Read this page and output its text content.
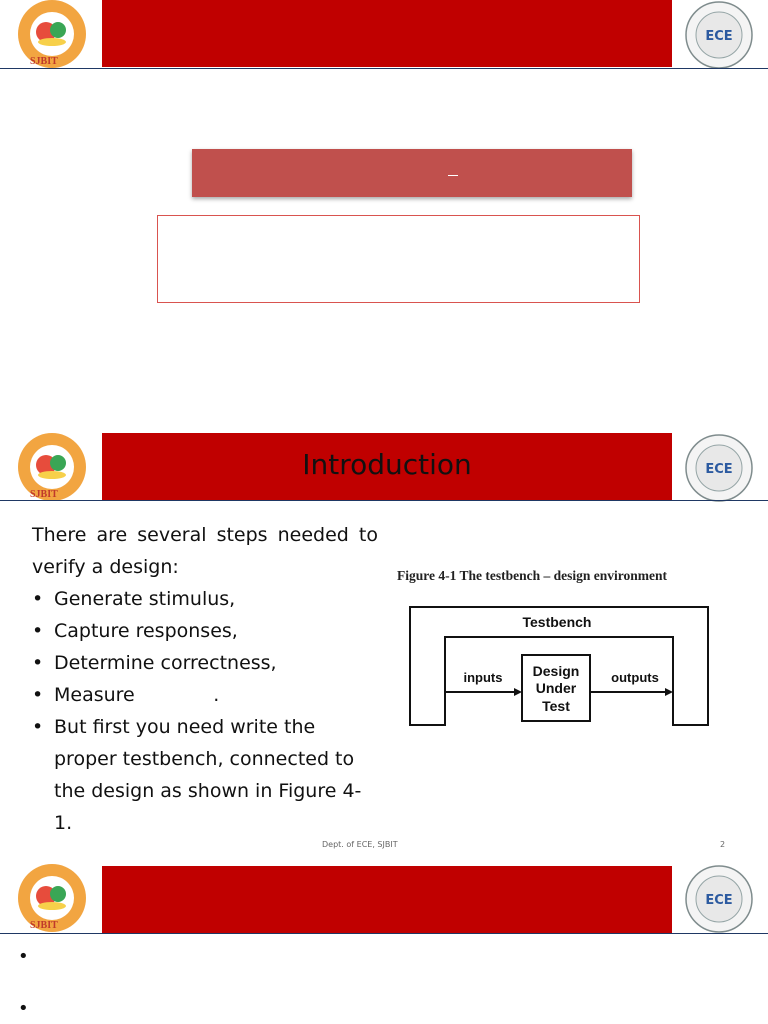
SJBIT
ECE
SJBIT
Introduction	ECE
There are several steps needed to verify a design:
• Generate stimulus,
• Capture responses,
• Determine correctness,
• Measure             .
• But first you need write the proper testbench, connected to the design as shown in Figure 4-1.
Figure 4-1 The testbench – design environment
Testbench
Design
Under
Test
inputs	outputs
Dept. of ECE, SJBIT	2
SJBIT
ECE
•
•
